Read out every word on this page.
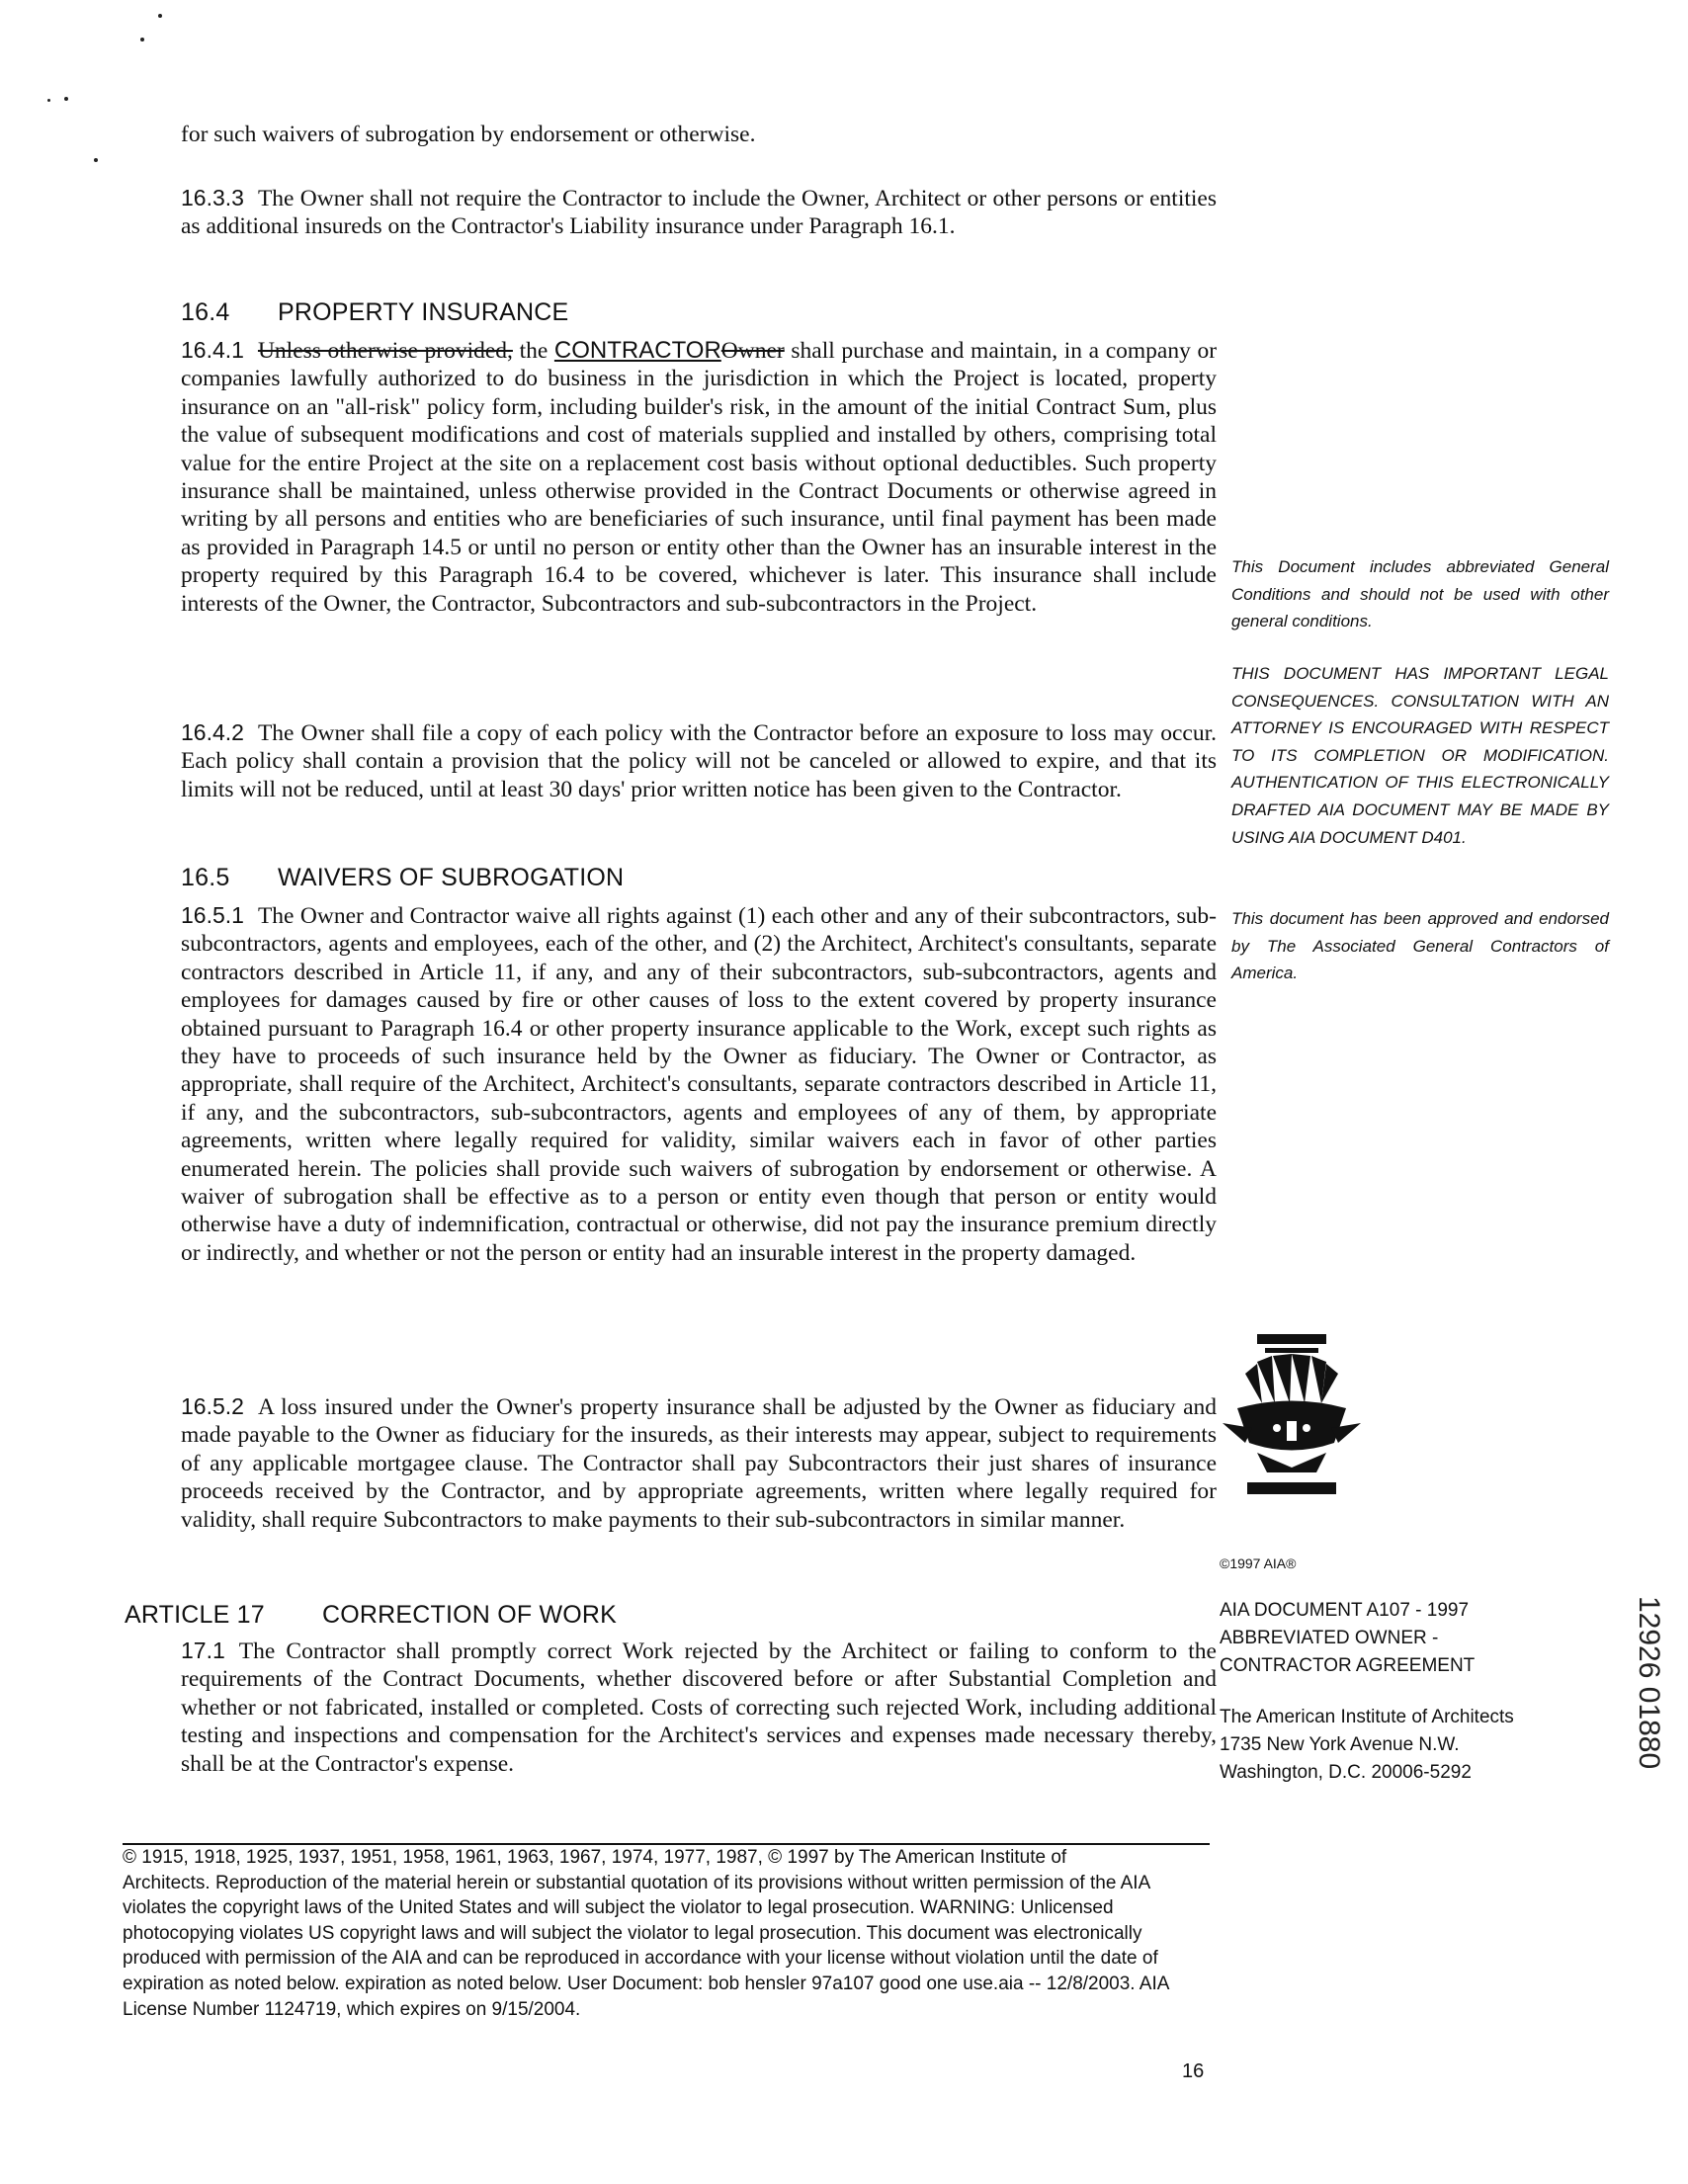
for such waivers of subrogation by endorsement or otherwise.

16.3.3 The Owner shall not require the Contractor to include the Owner, Architect or other persons or entities as additional insureds on the Contractor's Liability insurance under Paragraph 16.1.

16.4 PROPERTY INSURANCE

16.4.1 Unless otherwise provided, the CONTRACTOROwner shall purchase and maintain, in a company or companies lawfully authorized to do business in the jurisdiction in which the Project is located, property insurance on an "all-risk" policy form, including builder's risk, in the amount of the initial Contract Sum, plus the value of subsequent modifications and cost of materials supplied and installed by others, comprising total value for the entire Project at the site on a replacement cost basis without optional deductibles. Such property insurance shall be maintained, unless otherwise provided in the Contract Documents or otherwise agreed in writing by all persons and entities who are beneficiaries of such insurance, until final payment has been made as provided in Paragraph 14.5 or until no person or entity other than the Owner has an insurable interest in the property required by this Paragraph 16.4 to be covered, whichever is later. This insurance shall include interests of the Owner, the Contractor, Subcontractors and sub-subcontractors in the Project.

16.4.2 The Owner shall file a copy of each policy with the Contractor before an exposure to loss may occur. Each policy shall contain a provision that the policy will not be canceled or allowed to expire, and that its limits will not be reduced, until at least 30 days' prior written notice has been given to the Contractor.

16.5 WAIVERS OF SUBROGATION

16.5.1 The Owner and Contractor waive all rights against (1) each other and any of their subcontractors, sub-subcontractors, agents and employees, each of the other, and (2) the Architect, Architect's consultants, separate contractors described in Article 11, if any, and any of their subcontractors, sub-subcontractors, agents and employees for damages caused by fire or other causes of loss to the extent covered by property insurance obtained pursuant to Paragraph 16.4 or other property insurance applicable to the Work, except such rights as they have to proceeds of such insurance held by the Owner as fiduciary. The Owner or Contractor, as appropriate, shall require of the Architect, Architect's consultants, separate contractors described in Article 11, if any, and the subcontractors, sub-subcontractors, agents and employees of any of them, by appropriate agreements, written where legally required for validity, similar waivers each in favor of other parties enumerated herein. The policies shall provide such waivers of subrogation by endorsement or otherwise. A waiver of subrogation shall be effective as to a person or entity even though that person or entity would otherwise have a duty of indemnification, contractual or otherwise, did not pay the insurance premium directly or indirectly, and whether or not the person or entity had an insurable interest in the property damaged.

16.5.2 A loss insured under the Owner's property insurance shall be adjusted by the Owner as fiduciary and made payable to the Owner as fiduciary for the insureds, as their interests may appear, subject to requirements of any applicable mortgagee clause. The Contractor shall pay Subcontractors their just shares of insurance proceeds received by the Contractor, and by appropriate agreements, written where legally required for validity, shall require Subcontractors to make payments to their sub-subcontractors in similar manner.

ARTICLE 17 CORRECTION OF WORK

17.1 The Contractor shall promptly correct Work rejected by the Architect or failing to conform to the requirements of the Contract Documents, whether discovered before or after Substantial Completion and whether or not fabricated, installed or completed. Costs of correcting such rejected Work, including additional testing and inspections and compensation for the Architect's services and expenses made necessary thereby, shall be at the Contractor's expense.

This Document includes abbreviated General Conditions and should not be used with other general conditions.
THIS DOCUMENT HAS IMPORTANT LEGAL CONSEQUENCES. CONSULTATION WITH AN ATTORNEY IS ENCOURAGED WITH RESPECT TO ITS COMPLETION OR MODIFICATION. AUTHENTICATION OF THIS ELECTRONICALLY DRAFTED AIA DOCUMENT MAY BE MADE BY USING AIA DOCUMENT D401.
This document has been approved and endorsed by The Associated General Contractors of America.
©1997 AIA®
AIA DOCUMENT A107 - 1997
ABBREVIATED OWNER -
CONTRACTOR AGREEMENT
The American Institute of Architects
1735 New York Avenue N.W.
Washington, D.C. 20006-5292
12926 01880
© 1915, 1918, 1925, 1937, 1951, 1958, 1961, 1963, 1967, 1974, 1977, 1987, © 1997 by The American Institute of
Architects. Reproduction of the material herein or substantial quotation of its provisions without written permission of the AIA violates the copyright laws of the United States and will subject the violator to legal prosecution. WARNING: Unlicensed photocopying violates US copyright laws and will subject the violator to legal prosecution. This document was electronically produced with permission of the AIA and can be reproduced in accordance with your license without violation until the date of expiration as noted below. expiration as noted below. User Document: bob hensler 97a107 good one use.aia -- 12/8/2003. AIA License Number 1124719, which expires on 9/15/2004.
16
